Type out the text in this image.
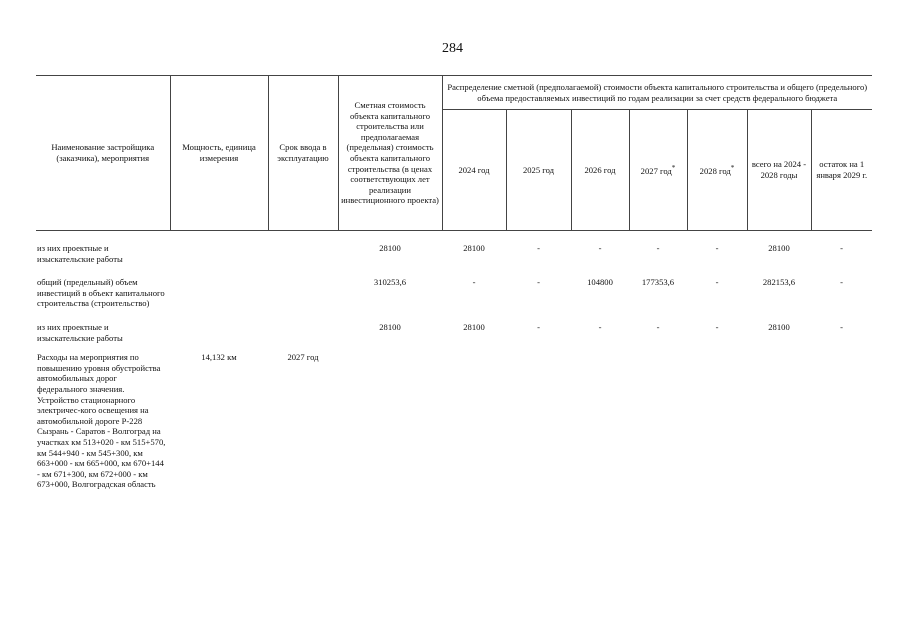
284
Наименование застройщика (заказчика), мероприятия	Мощность, единица измерения	Срок ввода в эксплуатацию	Сметная стоимость объекта капитального строительства или предполагаемая (предельная) стоимость объекта капитального строительства (в ценах соответствующих лет реализации инвестиционного проекта)	Распределение сметной (предполагаемой) стоимости объекта капитального строительства и общего (предельного) объема предоставляемых инвестиций по годам реализации за счет средств федерального бюджета						
				2024 год	2025 год	2026 год	2027 год*	2028 год*	всего на 2024 - 2028 годы	остаток на 1 января 2029 г.
из них проектные и изыскательские работы			28100	28100	-	-	-	-	28100	-
общий (предельный) объем инвестиций в объект капитального строительства (строительство)			310253,6	-	-	104800	177353,6	-	282153,6	-
из них проектные и изыскательские работы			28100	28100	-	-	-	-	28100	-
Расходы на мероприятия по повышению уровня обустройства автомобильных дорог федерального значения. Устройство стационарного электричес-кого освещения на автомобильной дороге Р-228 Сызрань - Саратов - Волгоград на участках км 513+020 - км 515+570, км 544+940 - км 545+300, км 663+000 - км 665+000, км 670+144 - км 671+300, км 672+000 - км 673+000, Волгоградская область	14,132 км	2027 год								
